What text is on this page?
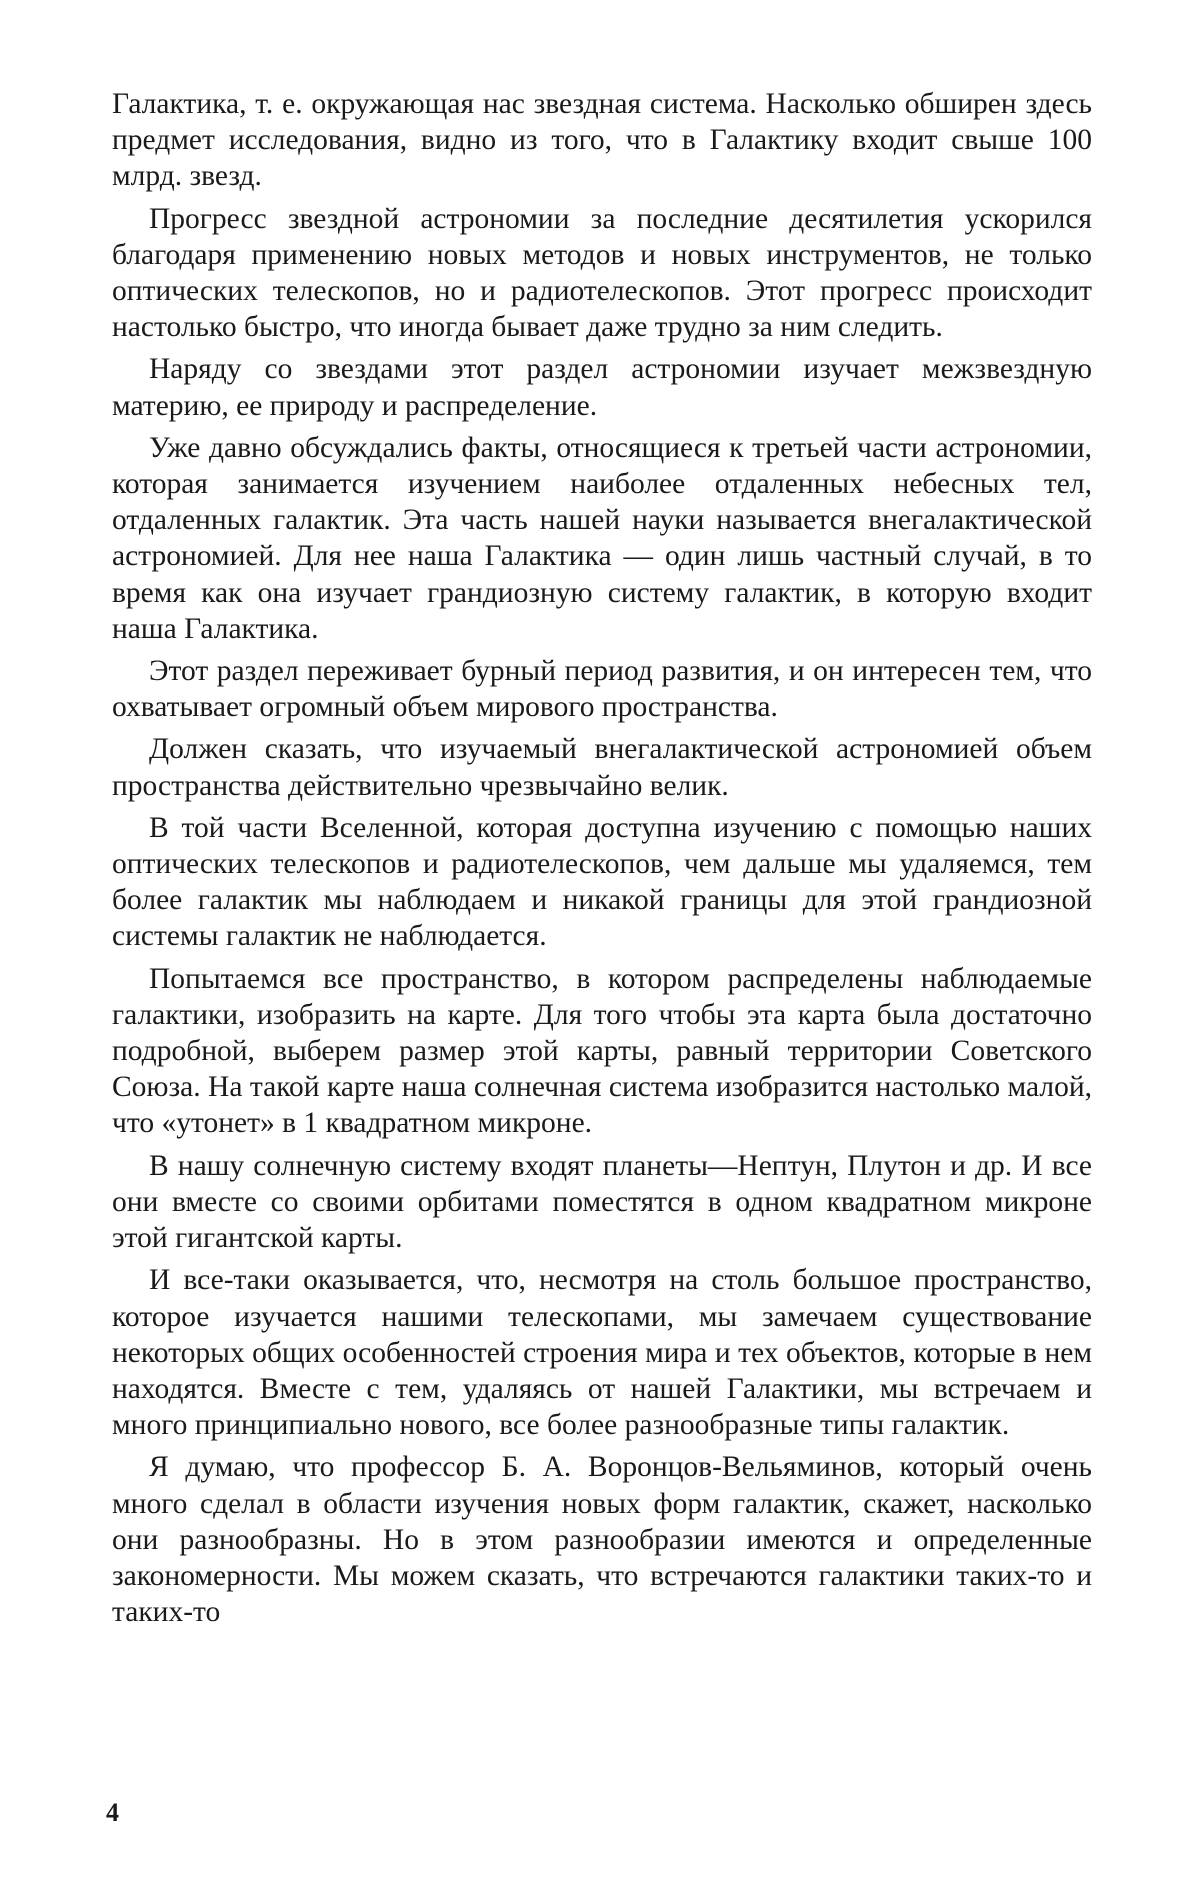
Галактика, т. е. окружающая нас звездная система. Насколько обширен здесь предмет исследования, видно из того, что в Галактику входит свыше 100 млрд. звезд.

Прогресс звездной астрономии за последние десятилетия ускорился благодаря применению новых методов и новых инструментов, не только оптических телескопов, но и радиотелескопов. Этот прогресс происходит настолько быстро, что иногда бывает даже трудно за ним следить.

Наряду со звездами этот раздел астрономии изучает межзвездную материю, ее природу и распределение.

Уже давно обсуждались факты, относящиеся к третьей части астрономии, которая занимается изучением наиболее отдаленных небесных тел, отдаленных галактик. Эта часть нашей науки называется внегалактической астрономией. Для нее наша Галактика — один лишь частный случай, в то время как она изучает грандиозную систему галактик, в которую входит наша Галактика.

Этот раздел переживает бурный период развития, и он интересен тем, что охватывает огромный объем мирового пространства.

Должен сказать, что изучаемый внегалактической астрономией объем пространства действительно чрезвычайно велик.

В той части Вселенной, которая доступна изучению с помощью наших оптических телескопов и радиотелескопов, чем дальше мы удаляемся, тем более галактик мы наблюдаем и никакой границы для этой грандиозной системы галактик не наблюдается.

Попытаемся все пространство, в котором распределены наблюдаемые галактики, изобразить на карте. Для того чтобы эта карта была достаточно подробной, выберем размер этой карты, равный территории Советского Союза. На такой карте наша солнечная система изобразится настолько малой, что «утонет» в 1 квадратном микроне.

В нашу солнечную систему входят планеты—Нептун, Плутон и др. И все они вместе со своими орбитами поместятся в одном квадратном микроне этой гигантской карты.

И все-таки оказывается, что, несмотря на столь большое пространство, которое изучается нашими телескопами, мы замечаем существование некоторых общих особенностей строения мира и тех объектов, которые в нем находятся. Вместе с тем, удаляясь от нашей Галактики, мы встречаем и много принципиально нового, все более разнообразные типы галактик.

Я думаю, что профессор Б. А. Воронцов-Вельяминов, который очень много сделал в области изучения новых форм галактик, скажет, насколько они разнообразны. Но в этом разнообразии имеются и определенные закономерности. Мы можем сказать, что встречаются галактики таких-то и таких-то

4
